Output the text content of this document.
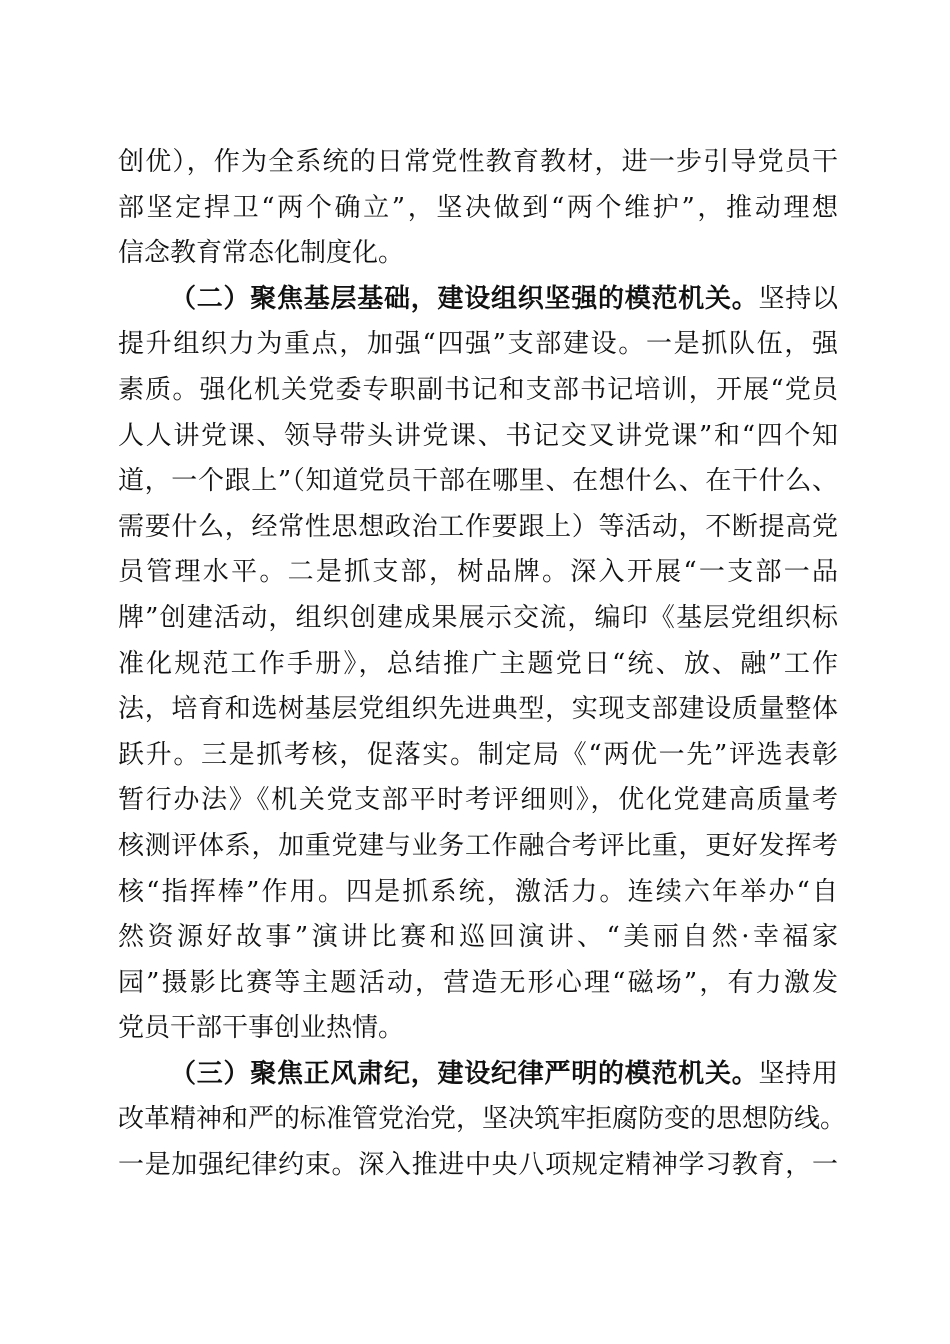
创优），作为全系统的日常党性教育教材，进一步引导党员干
部坚定捍卫“两个确立”，坚决做到“两个维护”，推动理想
信念教育常态化制度化。
（二）聚焦基层基础，建设组织坚强的模范机关。坚持以
提升组织力为重点，加强“四强”支部建设。一是抓队伍，强
素质。强化机关党委专职副书记和支部书记培训，开展“党员
人人讲党课、领导带头讲党课、书记交叉讲党课”和“四个知
道，一个跟上”（知道党员干部在哪里、在想什么、在干什么、
需要什么，经常性思想政治工作要跟上）等活动，不断提高党
员管理水平。二是抓支部，树品牌。深入开展“一支部一品
牌”创建活动，组织创建成果展示交流，编印《基层党组织标
准化规范工作手册》，总结推广主题党日“统、放、融”工作
法，培育和选树基层党组织先进典型，实现支部建设质量整体
跃升。三是抓考核，促落实。制定局《“两优一先”评选表彰
暂行办法》《机关党支部平时考评细则》，优化党建高质量考
核测评体系，加重党建与业务工作融合考评比重，更好发挥考
核“指挥棒”作用。四是抓系统，激活力。连续六年举办“自
然资源好故事”演讲比赛和巡回演讲、“美丽自然·幸福家
园”摄影比赛等主题活动，营造无形心理“磁场”，有力激发
党员干部干事创业热情。
（三）聚焦正风肃纪，建设纪律严明的模范机关。坚持用
改革精神和严的标准管党治党，坚决筑牢拒腐防变的思想防线。
一是加强纪律约束。深入推进中央八项规定精神学习教育，一
